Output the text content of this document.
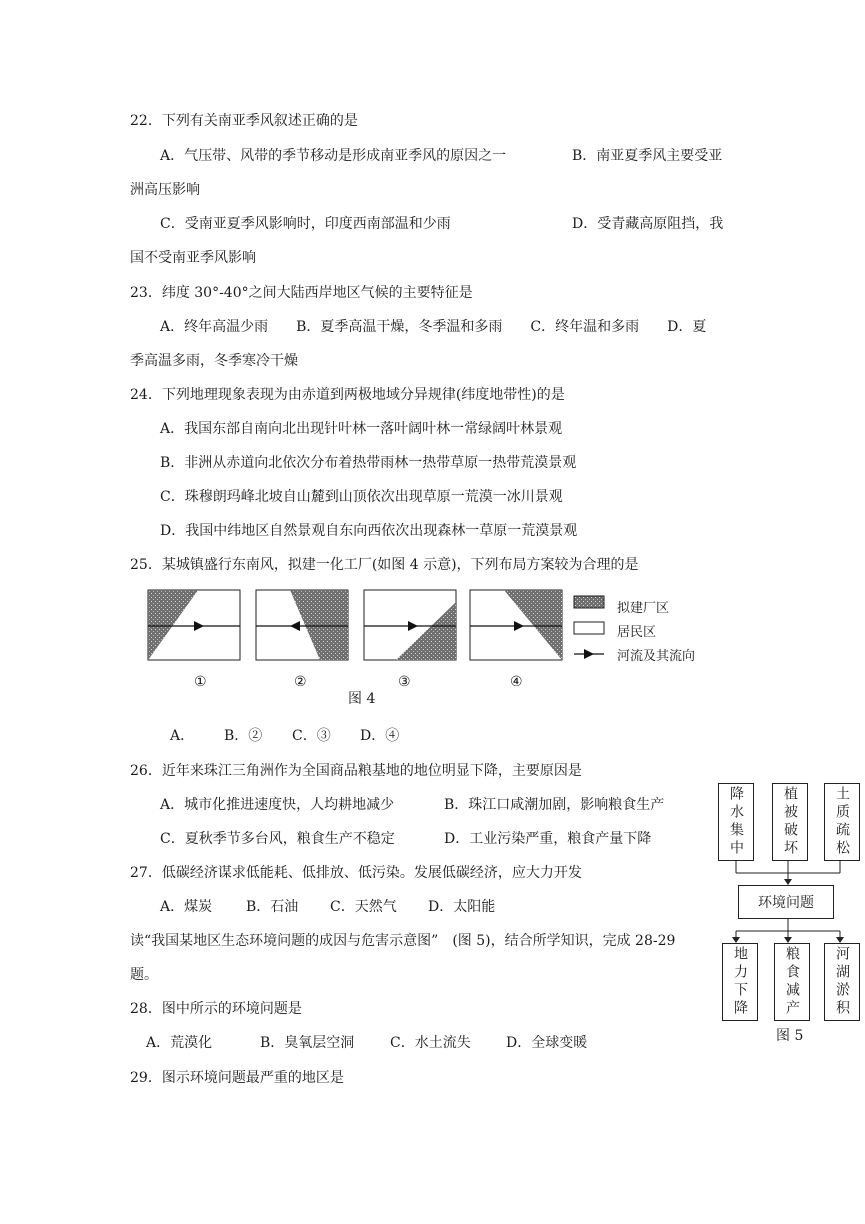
22．下列有关南亚季风叙述正确的是
A．气压带、风带的季节移动是形成南亚季风的原因之一	B．南亚夏季风主要受亚
洲高压影响
C．受南亚夏季风影响时，印度西南部温和少雨	D．受青藏高原阻挡，我
国不受南亚季风影响
23．纬度 30°-40°之间大陆西岸地区气候的主要特征是
A．终年高温少雨　　B．夏季高温干燥，冬季温和多雨　　C．终年温和多雨　　D．夏
季高温多雨，冬季寒冷干燥
24．下列地理现象表现为由赤道到两极地域分异规律(纬度地带性)的是
A．我国东部自南向北出现针叶林一落叶阔叶林一常绿阔叶林景观
B．非洲从赤道向北依次分布着热带雨林一热带草原一热带荒漠景观
C．珠穆朗玛峰北坡自山麓到山顶依次出现草原一荒漠一冰川景观
D．我国中纬地区自然景观自东向西依次出现森林一草原一荒漠景观
25．某城镇盛行东南风，拟建一化工厂(如图 4 示意)，下列布局方案较为合理的是
拟建厂区
居民区
河流及其流向
①	②	③	④
图 4
A． B．② C．③ D．④
26．近年来珠江三角洲作为全国商品粮基地的地位明显下降，主要原因是
A．城市化推进速度快，人均耕地减少	B．珠江口咸潮加剧，影响粮食生产
C．夏秋季节多台风，粮食生产不稳定	D．工业污染严重，粮食产量下降
27．低碳经济谋求低能耗、低排放、低污染。发展低碳经济，应大力开发
A．煤炭 B．石油 C．天然气 D．太阳能
读“我国某地区生态环境问题的成因与危害示意图”　(图 5)，结合所学知识，完成 28-29
题。
28．图中所示的环境问题是
A．荒漠化	B．臭氧层空洞	C．水土流失	D．全球变暖
29．图示环境问题最严重的地区是
降水集中	植被破坏	土质疏松
环境问题
地力下降	粮食减产 河湖淤积
图 5
